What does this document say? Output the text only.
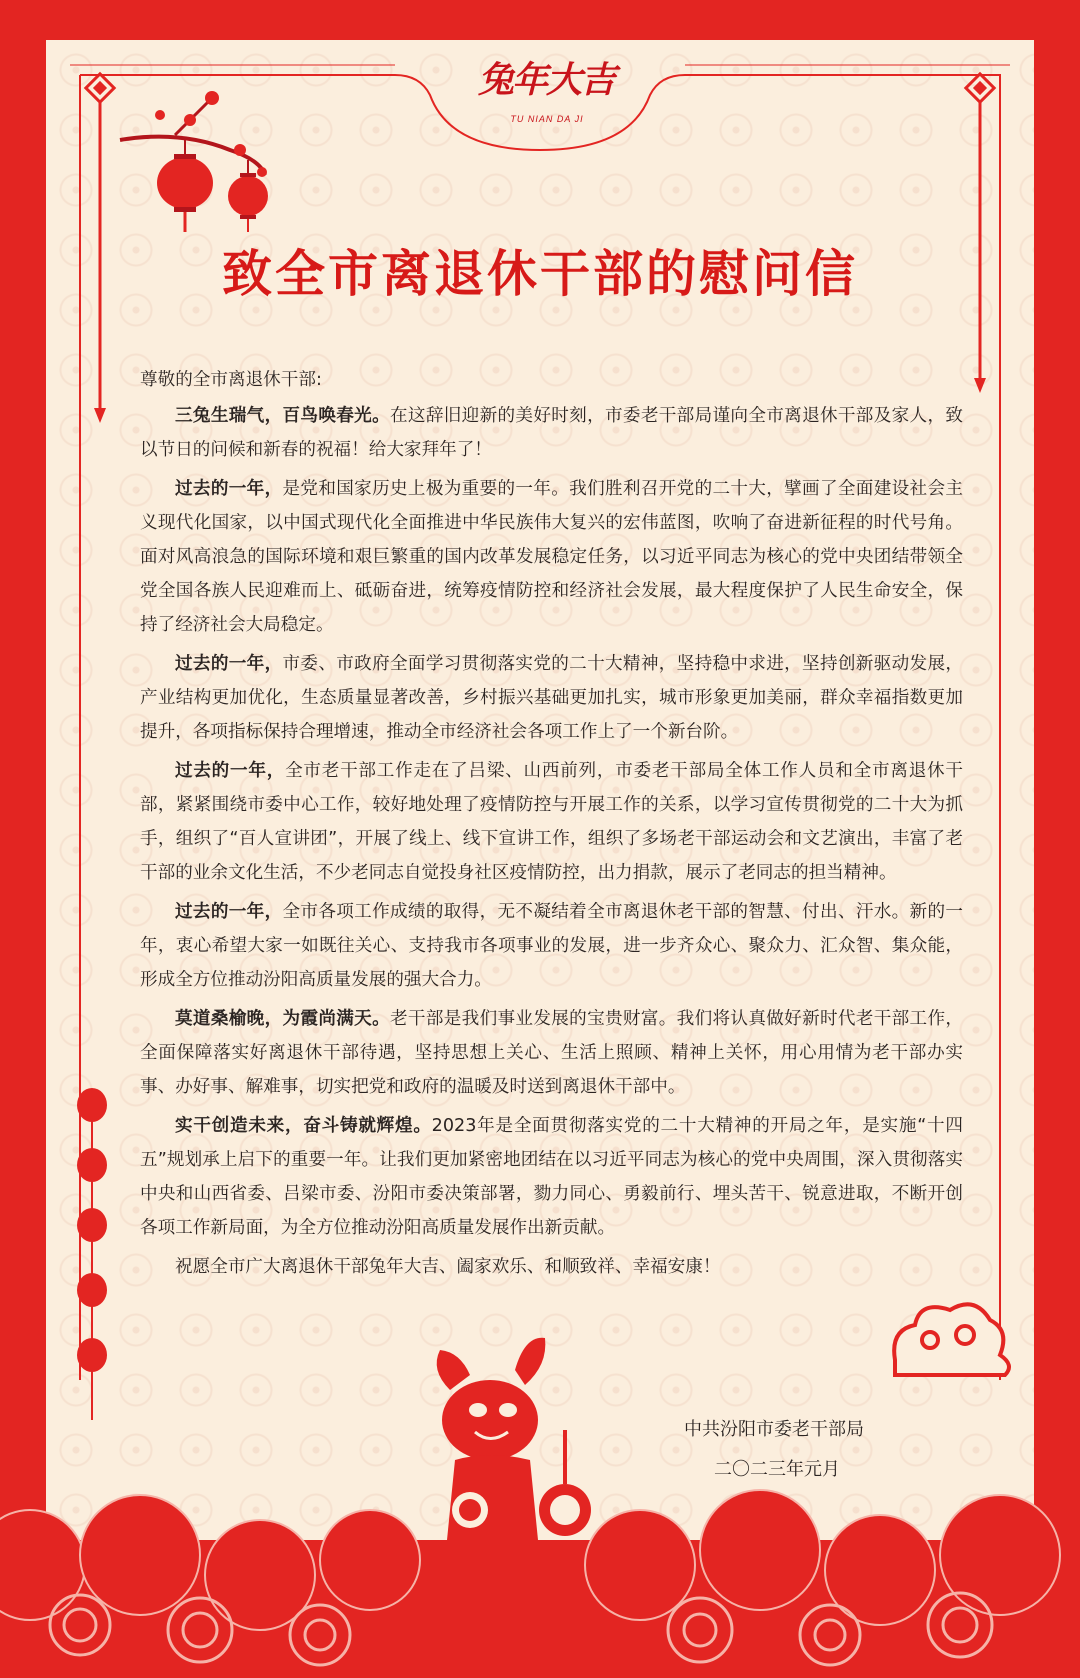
兔年大吉
TU NIAN DA JI
致全市离退休干部的慰问信

尊敬的全市离退休干部:

三兔生瑞气，百鸟唤春光。在这辞旧迎新的美好时刻，市委老干部局谨向全市离退休干部及家人，致以节日的问候和新春的祝福！给大家拜年了！

过去的一年，是党和国家历史上极为重要的一年。我们胜利召开党的二十大，擘画了全面建设社会主义现代化国家，以中国式现代化全面推进中华民族伟大复兴的宏伟蓝图，吹响了奋进新征程的时代号角。面对风高浪急的国际环境和艰巨繁重的国内改革发展稳定任务，以习近平同志为核心的党中央团结带领全党全国各族人民迎难而上、砥砺奋进，统筹疫情防控和经济社会发展，最大程度保护了人民生命安全，保持了经济社会大局稳定。

过去的一年，市委、市政府全面学习贯彻落实党的二十大精神，坚持稳中求进，坚持创新驱动发展，产业结构更加优化，生态质量显著改善，乡村振兴基础更加扎实，城市形象更加美丽，群众幸福指数更加提升，各项指标保持合理增速，推动全市经济社会各项工作上了一个新台阶。

过去的一年，全市老干部工作走在了吕梁、山西前列，市委老干部局全体工作人员和全市离退休干部，紧紧围绕市委中心工作，较好地处理了疫情防控与开展工作的关系，以学习宣传贯彻党的二十大为抓手，组织了“百人宣讲团”，开展了线上、线下宣讲工作，组织了多场老干部运动会和文艺演出，丰富了老干部的业余文化生活，不少老同志自觉投身社区疫情防控，出力捐款，展示了老同志的担当精神。

过去的一年，全市各项工作成绩的取得，无不凝结着全市离退休老干部的智慧、付出、汗水。新的一年，衷心希望大家一如既往关心、支持我市各项事业的发展，进一步齐众心、聚众力、汇众智、集众能，形成全方位推动汾阳高质量发展的强大合力。

莫道桑榆晚，为霞尚满天。老干部是我们事业发展的宝贵财富。我们将认真做好新时代老干部工作，全面保障落实好离退休干部待遇，坚持思想上关心、生活上照顾、精神上关怀，用心用情为老干部办实事、办好事、解难事，切实把党和政府的温暖及时送到离退休干部中。

实干创造未来，奋斗铸就辉煌。2023年是全面贯彻落实党的二十大精神的开局之年，是实施“十四五”规划承上启下的重要一年。让我们更加紧密地团结在以习近平同志为核心的党中央周围，深入贯彻落实中央和山西省委、吕梁市委、汾阳市委决策部署，勠力同心、勇毅前行、埋头苦干、锐意进取，不断开创各项工作新局面，为全方位推动汾阳高质量发展作出新贡献。

祝愿全市广大离退休干部兔年大吉、阖家欢乐、和顺致祥、幸福安康！

中共汾阳市委老干部局
二〇二三年元月
